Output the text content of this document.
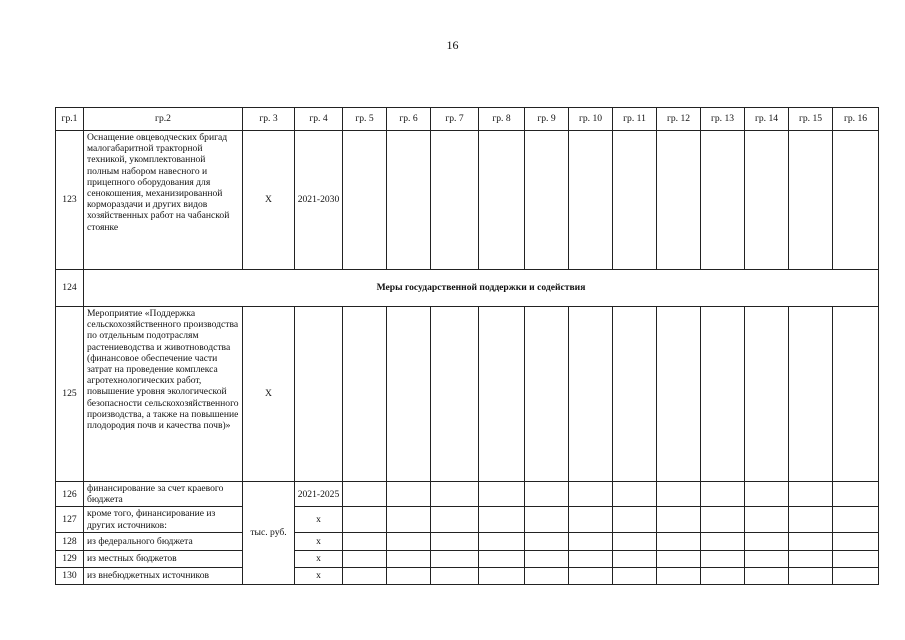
16
гр.1	гр.2	гр. 3	гр. 4	гр. 5	гр. 6	гр. 7	гр. 8	гр. 9	гр. 10	гр. 11	гр. 12	гр. 13	гр. 14	гр. 15	гр. 16
123	Оснащение овцеводческих бригад малогабаритной тракторной техникой, укомплектованной полным набором навесного и прицепного оборудования для сенокошения, механизированной кормораздачи и других видов хозяйственных работ на чабанской стоянке	Х	2021-2030												
124	Меры государственной поддержки и содействия														
125	Мероприятие «Поддержка сельскохозяйственного производства по отдельным подотраслям растениеводства и животноводства (финансовое обеспечение части затрат на проведение комплекса агротехнологических работ, повышение уровня экологической безопасности сельскохозяйственного производства, а также на повышение плодородия почв и качества почв)»	Х													
126	финансирование за счет краевого бюджета	тыс. руб.	2021-2025												
127	кроме того, финансирование из других источников:		х												
128	из федерального бюджета		х												
129	из местных бюджетов		х												
130	из внебюджетных источников		х												
